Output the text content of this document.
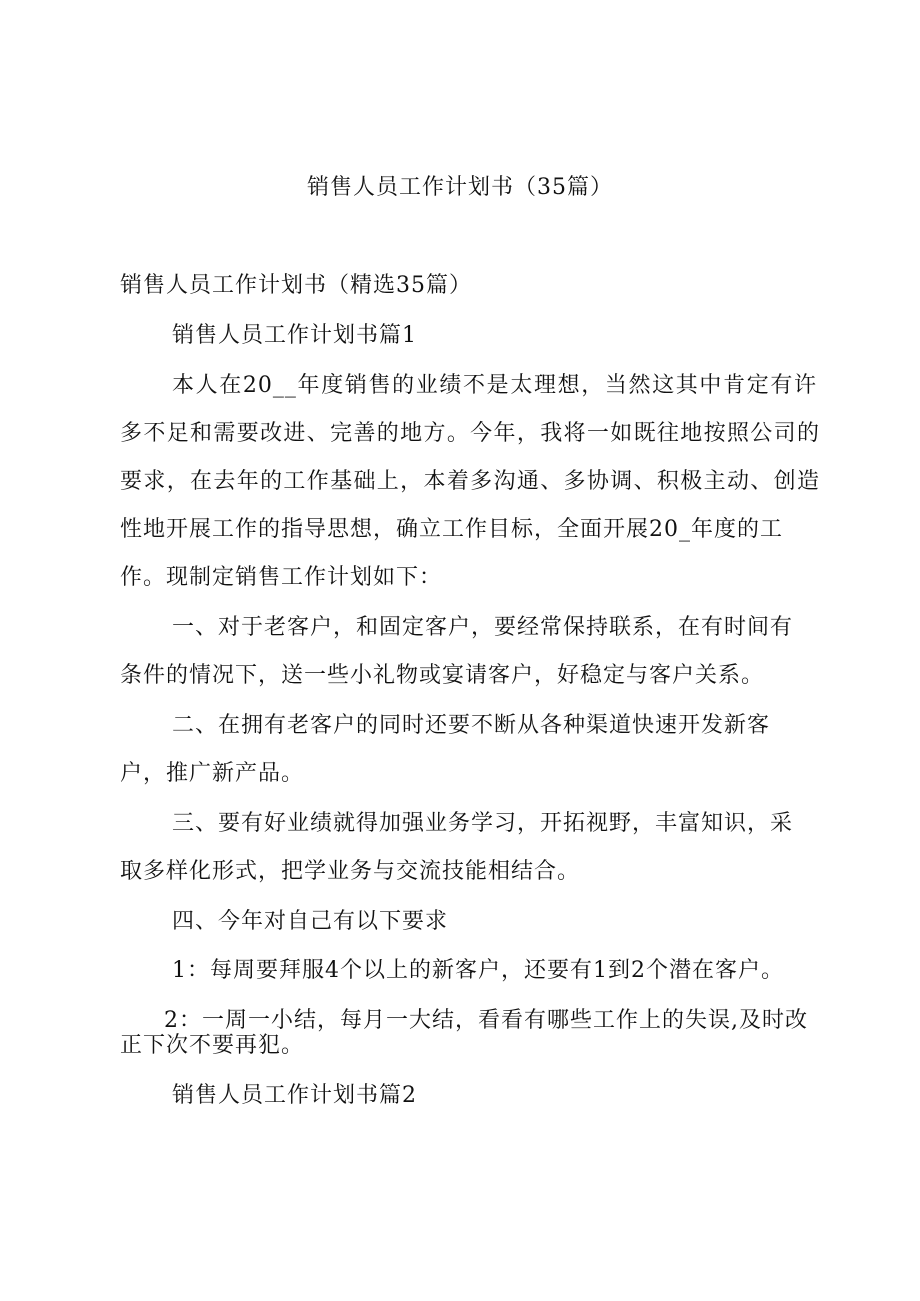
销售人员工作计划书（35篇）
销售人员工作计划书（精选35篇）
销售人员工作计划书篇1
本人在20__年度销售的业绩不是太理想，当然这其中肯定有许
多不足和需要改进、完善的地方。今年，我将一如既往地按照公司的
要求，在去年的工作基础上，本着多沟通、多协调、积极主动、创造
性地开展工作的指导思想，确立工作目标，全面开展20_年度的工
作。现制定销售工作计划如下：
一、对于老客户，和固定客户，要经常保持联系，在有时间有
条件的情况下，送一些小礼物或宴请客户，好稳定与客户关系。
二、在拥有老客户的同时还要不断从各种渠道快速开发新客
户，推广新产品。
三、要有好业绩就得加强业务学习，开拓视野，丰富知识，采
取多样化形式，把学业务与交流技能相结合。
四、今年对自己有以下要求
1：每周要拜服4个以上的新客户，还要有1到2个潜在客户。
2：一周一小结，每月一大结，看看有哪些工作上的失误,及时改
正下次不要再犯。
销售人员工作计划书篇2
